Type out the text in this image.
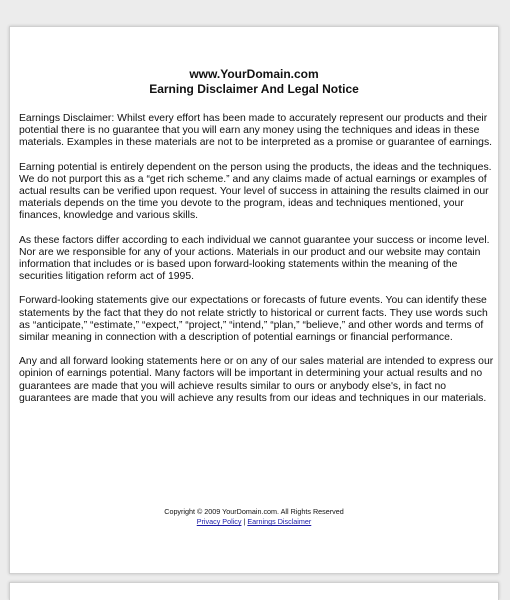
www.YourDomain.com
Earning Disclaimer And Legal Notice

Earnings Disclaimer: Whilst every effort has been made to accurately represent our products and their potential there is no guarantee that you will earn any money using the techniques and ideas in these materials. Examples in these materials are not to be interpreted as a promise or guarantee of earnings.

Earning potential is entirely dependent on the person using the products, the ideas and the techniques. We do not purport this as a “get rich scheme.” and any claims made of actual earnings or examples of actual results can be verified upon request. Your level of success in attaining the results claimed in our materials depends on the time you devote to the program, ideas and techniques mentioned, your finances, knowledge and various skills.

As these factors differ according to each individual we cannot guarantee your success or income level. Nor are we responsible for any of your actions. Materials in our product and our website may contain information that includes or is based upon forward-looking statements within the meaning of the securities litigation reform act of 1995.

Forward-looking statements give our expectations or forecasts of future events. You can identify these statements by the fact that they do not relate strictly to historical or current facts. They use words such as “anticipate,” “estimate,” “expect,” “project,” “intend,” “plan,” “believe,” and other words and terms of similar meaning in connection with a description of potential earnings or financial performance.

Any and all forward looking statements here or on any of our sales material are intended to express our opinion of earnings potential. Many factors will be important in determining your actual results and no guarantees are made that you will achieve results similar to ours or anybody else's, in fact no guarantees are made that you will achieve any results from our ideas and techniques in our materials.

Copyright © 2009 YourDomain.com. All Rights Reserved
Privacy Policy | Earnings Disclaimer
